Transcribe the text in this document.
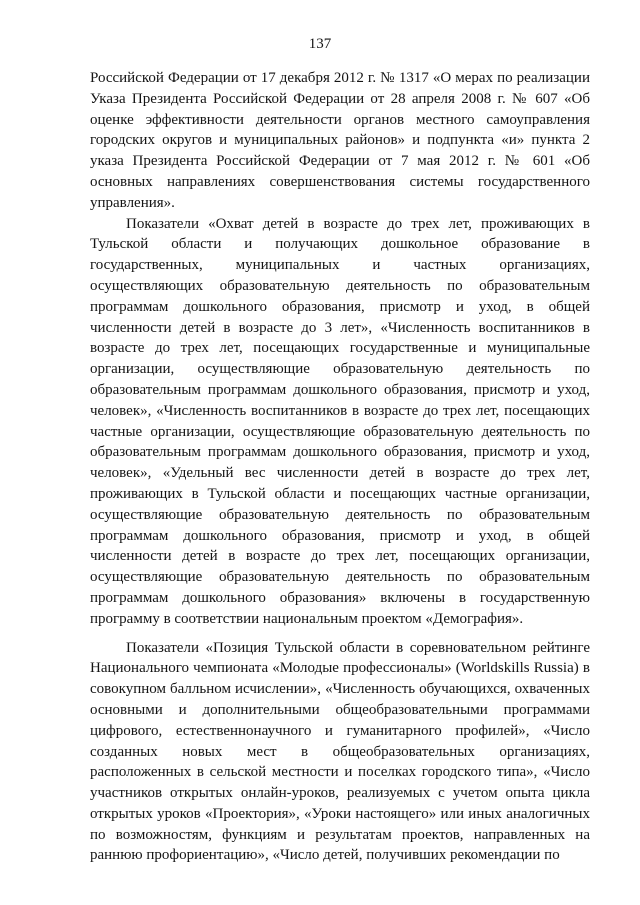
137

Российской Федерации от 17 декабря 2012 г. № 1317 «О мерах по реализации Указа Президента Российской Федерации от 28 апреля 2008 г. № 607 «Об оценке эффективности деятельности органов местного самоуправления городских округов и муниципальных районов» и подпункта «и» пункта 2 указа Президента Российской Федерации от 7 мая 2012 г. № 601 «Об основных направлениях совершенствования системы государственного управления».

Показатели «Охват детей в возрасте до трех лет, проживающих в Тульской области и получающих дошкольное образование в государственных, муниципальных и частных организациях, осуществляющих образовательную деятельность по образовательным программам дошкольного образования, присмотр и уход, в общей численности детей в возрасте до 3 лет», «Численность воспитанников в возрасте до трех лет, посещающих государственные и муниципальные организации, осуществляющие образовательную деятельность по образовательным программам дошкольного образования, присмотр и уход, человек», «Численность воспитанников в возрасте до трех лет, посещающих частные организации, осуществляющие образовательную деятельность по образовательным программам дошкольного образования, присмотр и уход, человек», «Удельный вес численности детей в возрасте до трех лет, проживающих в Тульской области и посещающих частные организации, осуществляющие образовательную деятельность по образовательным программам дошкольного образования, присмотр и уход, в общей численности детей в возрасте до трех лет, посещающих организации, осуществляющие образовательную деятельность по образовательным программам дошкольного образования» включены в государственную программу в соответствии национальным проектом «Демография».

Показатели «Позиция Тульской области в соревновательном рейтинге Национального чемпионата «Молодые профессионалы» (Worldskills Russia) в совокупном балльном исчислении», «Численность обучающихся, охваченных основными и дополнительными общеобразовательными программами цифрового, естественнонаучного и гуманитарного профилей», «Число созданных новых мест в общеобразовательных организациях, расположенных в сельской местности и поселках городского типа», «Число участников открытых онлайн-уроков, реализуемых с учетом опыта цикла открытых уроков «Проектория», «Уроки настоящего» или иных аналогичных по возможностям, функциям и результатам проектов, направленных на раннюю профориентацию», «Число детей, получивших рекомендации по
